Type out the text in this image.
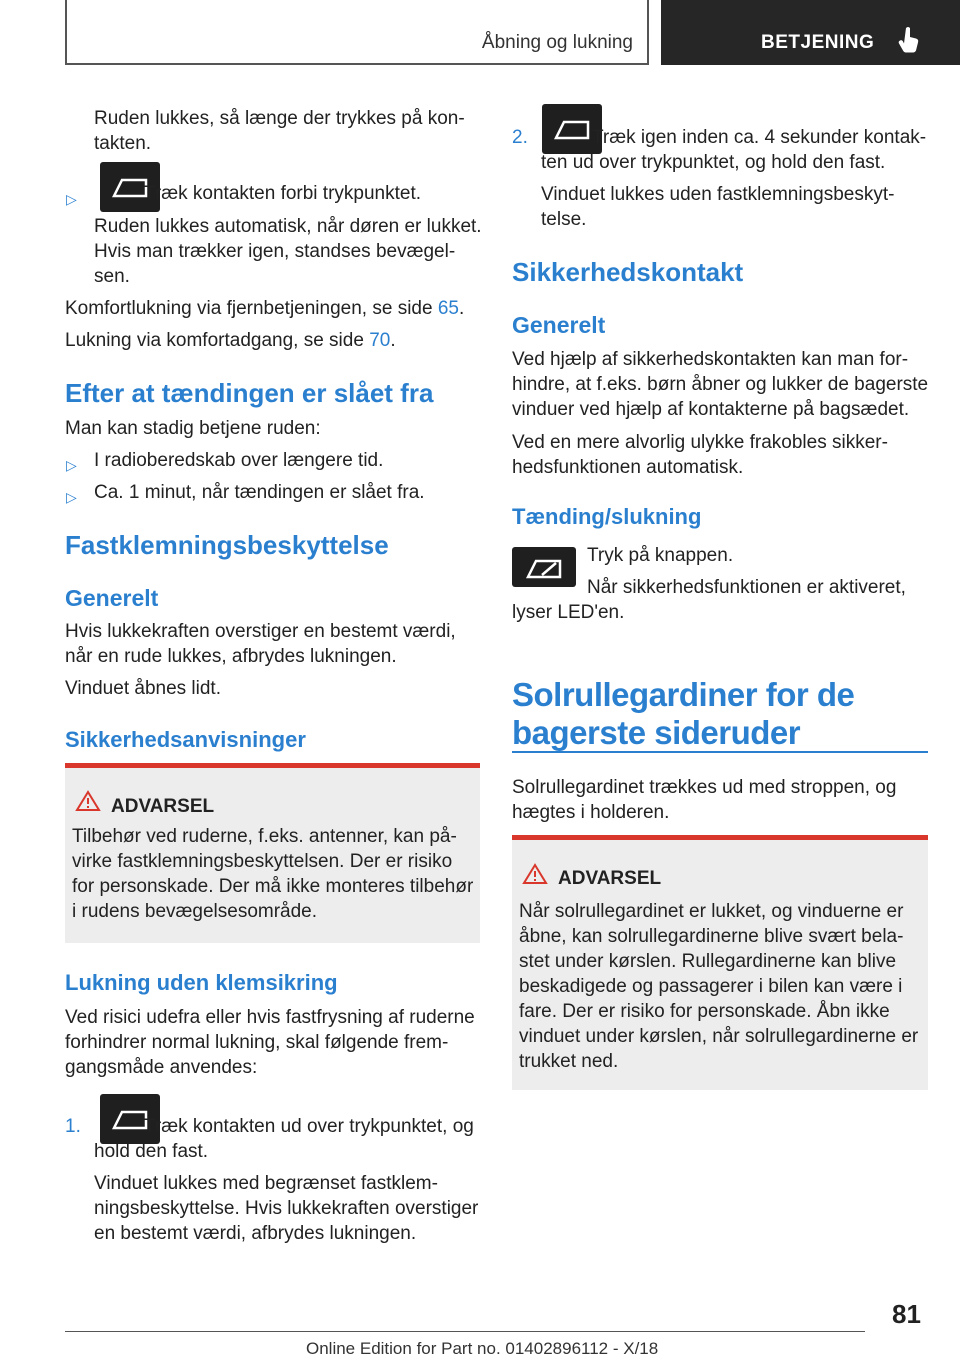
Åbning og lukning	BETJENING
Ruden lukkes, så længe der trykkes på kon-
takten.
▷	Træk kontakten forbi trykpunktet.
Ruden lukkes automatisk, når døren er lukket.
Hvis man trækker igen, standses bevægel-
sen.
Komfortlukning via fjernbetjeningen, se side 65.
Lukning via komfortadgang, se side 70.
Efter at tændingen er slået fra
Man kan stadig betjene ruden:
▷ I radioberedskab over længere tid.
▷ Ca. 1 minut, når tændingen er slået fra.
Fastklemningsbeskyttelse
Generelt
Hvis lukkekraften overstiger en bestemt værdi,
når en rude lukkes, afbrydes lukningen.
Vinduet åbnes lidt.
Sikkerhedsanvisninger
ADVARSEL
Tilbehør ved ruderne, f.eks. antenner, kan på-
virke fastklemningsbeskyttelsen. Der er risiko
for personskade. Der må ikke monteres tilbehør
i rudens bevægelsesområde.
Lukning uden klemsikring
Ved risici udefra eller hvis fastfrysning af ruderne
forhindrer normal lukning, skal følgende frem-
gangsmåde anvendes:
1.	Træk kontakten ud over trykpunktet, og
hold den fast.
Vinduet lukkes med begrænset fastklem-
ningsbeskyttelse. Hvis lukkekraften overstiger
en bestemt værdi, afbrydes lukningen.
2.	Træk igen inden ca. 4 sekunder kontak-
ten ud over trykpunktet, og hold den fast.
Vinduet lukkes uden fastklemningsbeskyt-
telse.
Sikkerhedskontakt
Generelt
Ved hjælp af sikkerhedskontakten kan man for-
hindre, at f.eks. børn åbner og lukker de bagerste
vinduer ved hjælp af kontakterne på bagsædet.
Ved en mere alvorlig ulykke frakobles sikker-
hedsfunktionen automatisk.
Tænding/slukning
Tryk på knappen.
Når sikkerhedsfunktionen er aktiveret,
lyser LED'en.
Solrullegardiner for de
bagerste sideruder
Solrullegardinet trækkes ud med stroppen, og
hægtes i holderen.
ADVARSEL
Når solrullegardinet er lukket, og vinduerne er
åbne, kan solrullegardinerne blive svært bela-
stet under kørslen. Rullegardinerne kan blive
beskadigede og passagerer i bilen kan være i
fare. Der er risiko for personskade. Åbn ikke
vinduet under kørslen, når solrullegardinerne er
trukket ned.
81
Online Edition for Part no. 01402896112 - X/18
